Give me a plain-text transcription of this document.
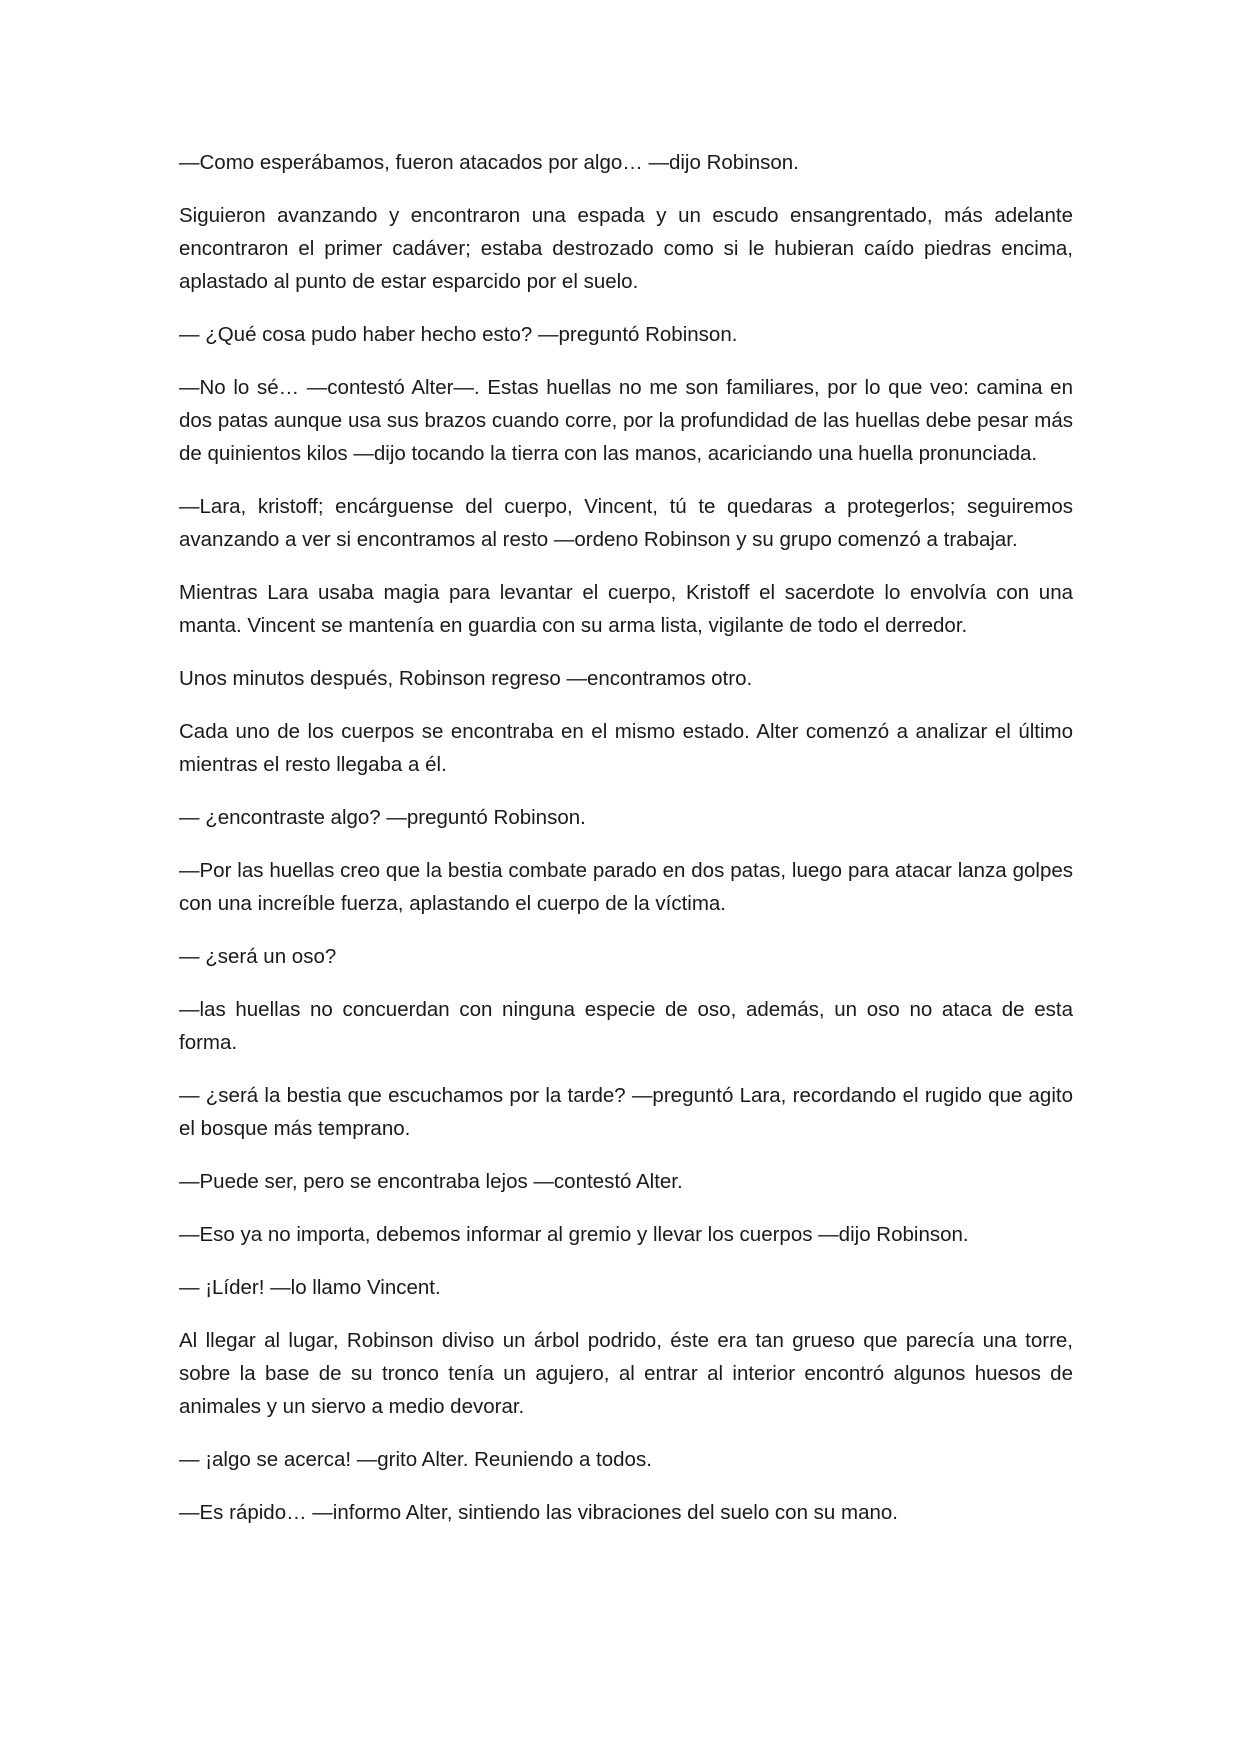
—Como esperábamos, fueron atacados por algo… —dijo Robinson.

Siguieron avanzando y encontraron una espada y un escudo ensangrentado, más adelante encontraron el primer cadáver; estaba destrozado como si le hubieran caído piedras encima, aplastado al punto de estar esparcido por el suelo.

— ¿Qué cosa pudo haber hecho esto? —preguntó Robinson.

—No lo sé… —contestó Alter—. Estas huellas no me son familiares, por lo que veo: camina en dos patas aunque usa sus brazos cuando corre, por la profundidad de las huellas debe pesar más de quinientos kilos —dijo tocando la tierra con las manos, acariciando una huella pronunciada.

—Lara, kristoff; encárguense del cuerpo, Vincent, tú te quedaras a protegerlos; seguiremos avanzando a ver si encontramos al resto —ordeno Robinson y su grupo comenzó a trabajar.

Mientras Lara usaba magia para levantar el cuerpo, Kristoff el sacerdote lo envolvía con una manta. Vincent se mantenía en guardia con su arma lista, vigilante de todo el derredor.

Unos minutos después, Robinson regreso —encontramos otro.

Cada uno de los cuerpos se encontraba en el mismo estado. Alter comenzó a analizar el último mientras el resto llegaba a él.

— ¿encontraste algo? —preguntó Robinson.

—Por las huellas creo que la bestia combate parado en dos patas, luego para atacar lanza golpes con una increíble fuerza, aplastando el cuerpo de la víctima.

— ¿será un oso?

—las huellas no concuerdan con ninguna especie de oso, además, un oso no ataca de esta forma.

— ¿será la bestia que escuchamos por la tarde? —preguntó Lara, recordando el rugido que agito el bosque más temprano.

—Puede ser, pero se encontraba lejos —contestó Alter.

—Eso ya no importa, debemos informar al gremio y llevar los cuerpos —dijo Robinson.

— ¡Líder! —lo llamo Vincent.

Al llegar al lugar, Robinson diviso un árbol podrido, éste era tan grueso que parecía una torre, sobre la base de su tronco tenía un agujero, al entrar al interior encontró algunos huesos de animales y un siervo a medio devorar.

— ¡algo se acerca! —grito Alter. Reuniendo a todos.

—Es rápido… —informo Alter, sintiendo las vibraciones del suelo con su mano.
